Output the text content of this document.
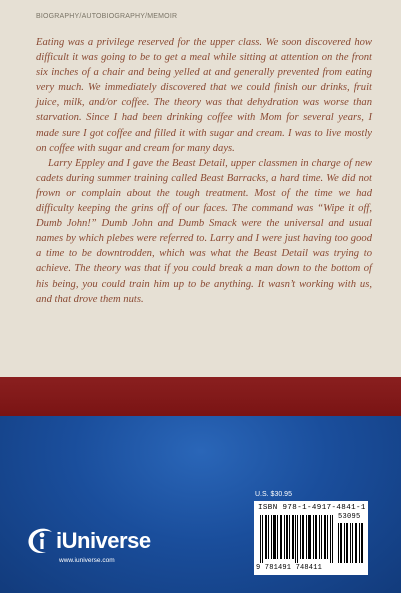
BIOGRAPHY/AUTOBIOGRAPHY/MEMOIR

Eating was a privilege reserved for the upper class. We soon discovered how difficult it was going to be to get a meal while sitting at attention on the front six inches of a chair and being yelled at and generally prevented from eating very much. We immediately discovered that we could finish our drinks, fruit juice, milk, and/or coffee. The theory was that dehydration was worse than starvation. Since I had been drinking coffee with Mom for several years, I made sure I got coffee and filled it with sugar and cream. I was to live mostly on coffee with sugar and cream for many days.

Larry Eppley and I gave the Beast Detail, upper classmen in charge of new cadets during summer training called Beast Barracks, a hard time. We did not frown or complain about the tough treatment. Most of the time we had difficulty keeping the grins off of our faces. The command was “Wipe it off, Dumb John!” Dumb John and Dumb Smack were the universal and usual names by which plebes were referred to. Larry and I were just having too good a time to be downtrodden, which was what the Beast Detail was trying to achieve. The theory was that if you could break a man down to the bottom of his being, you could train him up to be anything. It wasn’t working with us, and that drove them nuts.

iUniverse
www.iuniverse.com
U.S. $30.95
ISBN 978-1-4917-4841-1
53095
9 781491 748411
